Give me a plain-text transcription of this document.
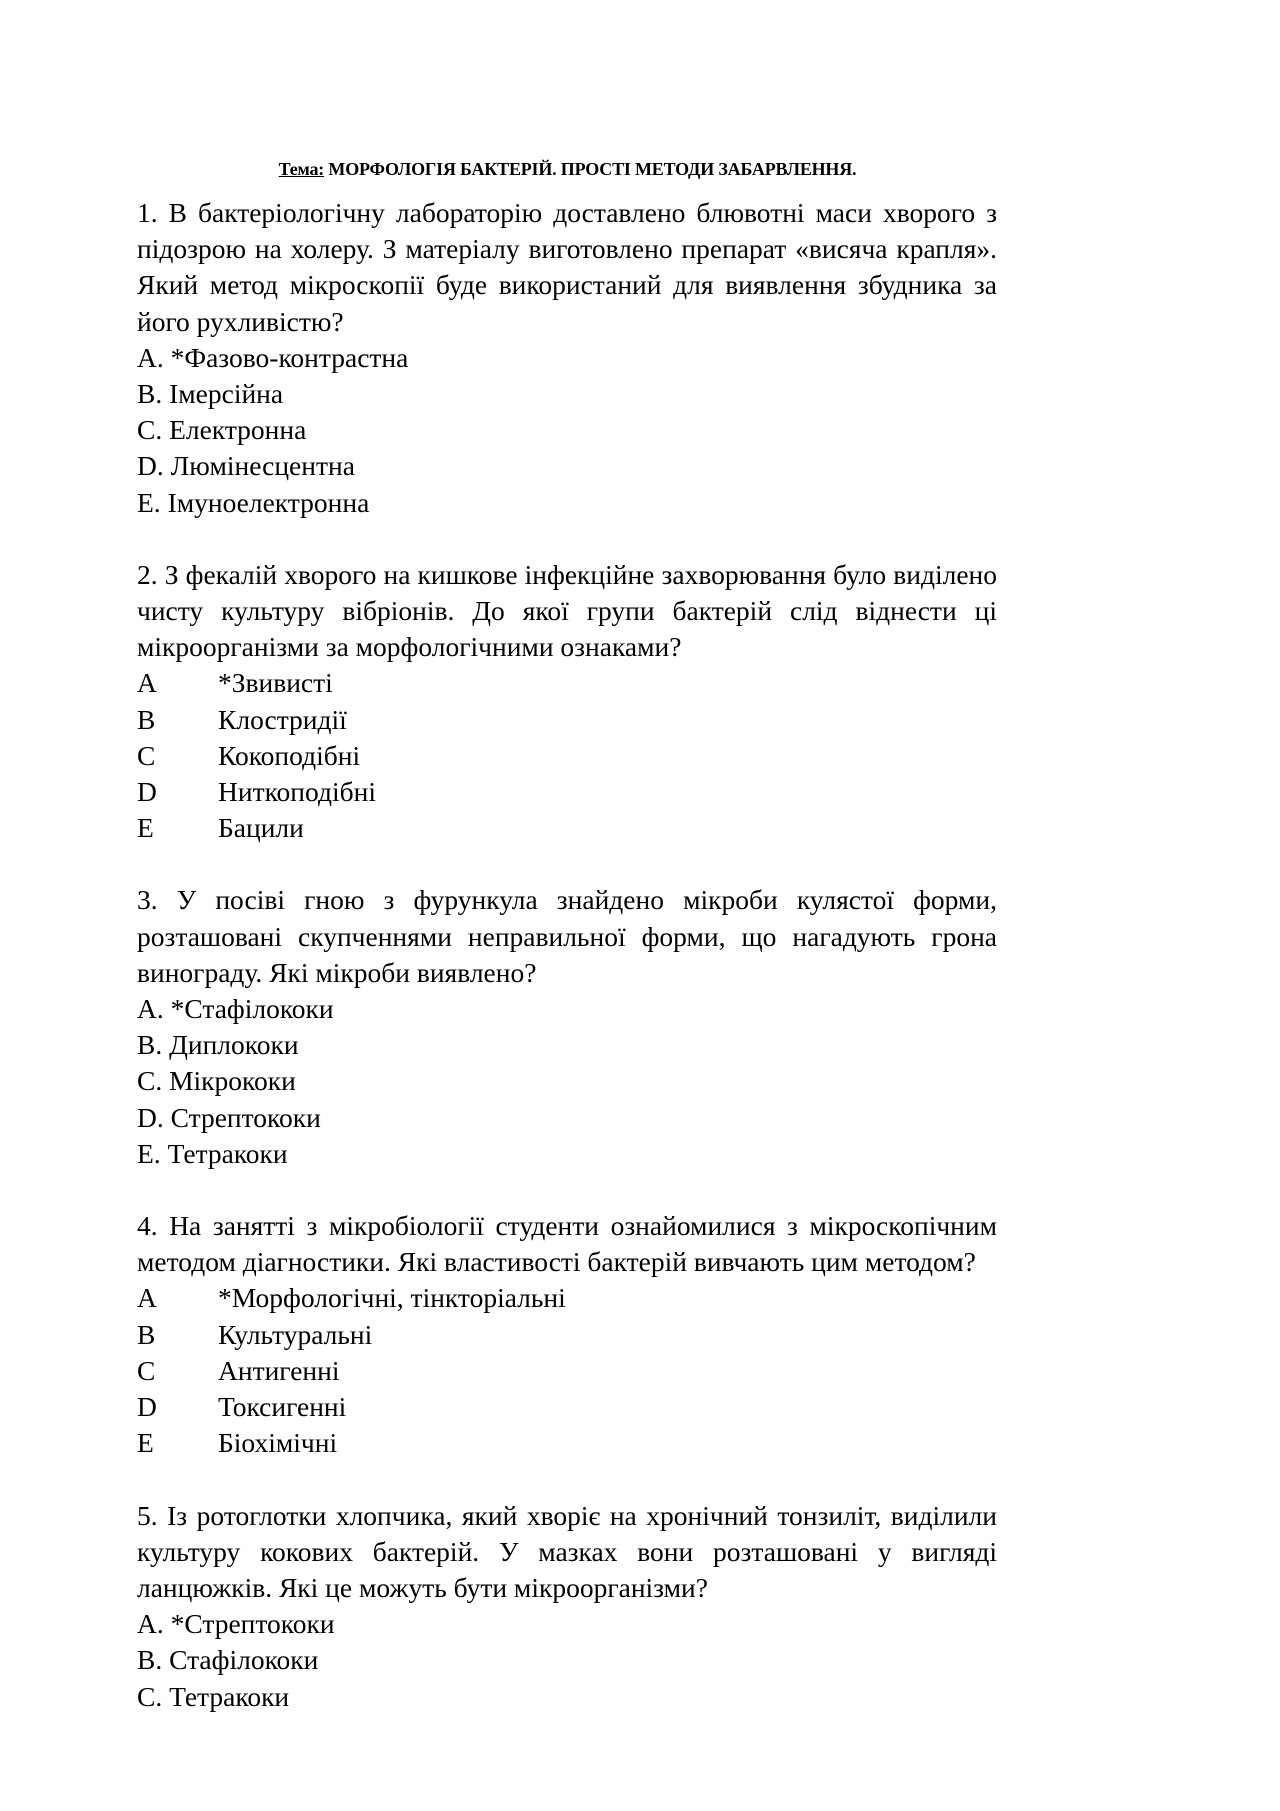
Тема: МОРФОЛОГІЯ БАКТЕРІЙ. ПРОСТІ МЕТОДИ ЗАБАРВЛЕННЯ.

1. В бактеріологічну лабораторію доставлено блювотні маси хворого з підозрою на холеру. З матеріалу виготовлено препарат «висяча крапля». Який метод мікроскопії буде використаний для виявлення збудника за його рухливістю?

A. *Фазово-контрастна

B. Імерсійна

C. Електронна

D. Люмінесцентна

E. Імуноелектронна

2. З фекалій хворого на кишкове інфекційне захворювання було виділено чисту культуру вібріонів. До якої групи бактерій слід віднести ці мікроорганізми за морфологічними ознаками?

A *Звивисті

B Клостридії

C Кокоподібні

D Ниткоподібні

E Бацили

3. У посіві гною з фурункула знайдено мікроби кулястої форми, розташовані скупченнями неправильної форми, що нагадують грона винограду. Які мікроби виявлено?

A. *Стафілококи

B. Диплококи

C. Мікрококи

D. Стрептококи

E. Тетракоки

4. На занятті з мікробіології студенти ознайомилися з мікроскопічним методом діагностики. Які властивості бактерій вивчають цим методом?

A *Морфологічні, тінкторіальні

B Культуральні

C Антигенні

D Токсигенні

E Біохімічні

5. Із ротоглотки хлопчика, який хворіє на хронічний тонзиліт, виділили культуру кокових бактерій. У мазках вони розташовані у вигляді ланцюжків. Які це можуть бути мікроорганізми?

A. *Стрептококи

B. Стафілококи

C. Тетракоки
